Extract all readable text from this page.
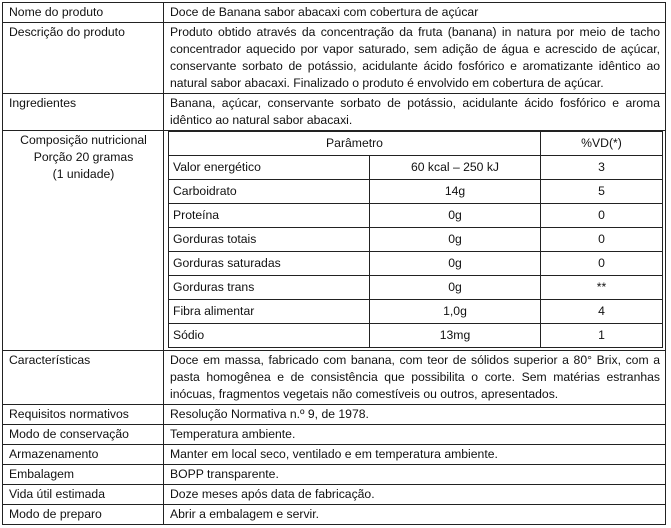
Nome do produto	Doce de Banana sabor abacaxi com cobertura de açúcar
Descrição do produto	Produto obtido através da concentração da fruta (banana) in natura por meio de tacho concentrador aquecido por vapor saturado, sem adição de água e acrescido de açúcar, conservante sorbato de potássio, acidulante ácido fosfórico e aromatizante idêntico ao natural sabor abacaxi. Finalizado o produto é envolvido em cobertura de açúcar.
Ingredientes	Banana, açúcar, conservante sorbato de potássio, acidulante ácido fosfórico e aroma idêntico ao natural sabor abacaxi.

Composição nutricional
Porção 20 gramas
(1 unidade)

Parâmetro	%VD(*)
Valor energético	60 kcal – 250 kJ	3
Carboidrato	14g	5
Proteína	0g	0
Gorduras totais	0g	0
Gorduras saturadas	0g	0
Gorduras trans	0g	**
Fibra alimentar	1,0g	4
Sódio	13mg	1

Características	Doce em massa, fabricado com banana, com teor de sólidos superior a 80° Brix, com a pasta homogênea e de consistência que possibilita o corte. Sem matérias estranhas inócuas, fragmentos vegetais não comestíveis ou outros, apresentados.
Requisitos normativos	Resolução Normativa n.º 9, de 1978.
Modo de conservação	Temperatura ambiente.
Armazenamento	Manter em local seco, ventilado e em temperatura ambiente.
Embalagem	BOPP transparente.
Vida útil estimada	Doze meses após data de fabricação.
Modo de preparo	Abrir a embalagem e servir.
